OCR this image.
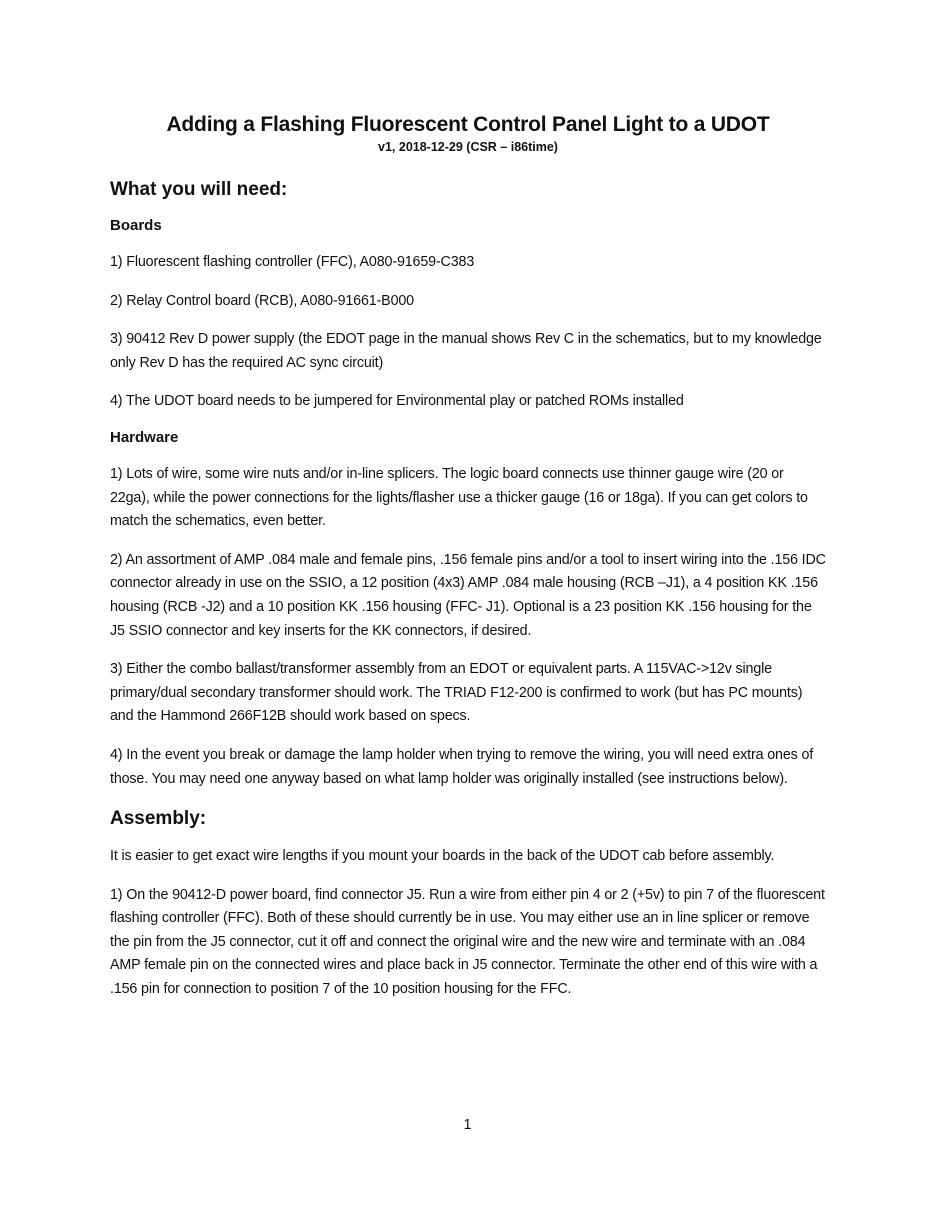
Adding a Flashing Fluorescent Control Panel Light to a UDOT
v1, 2018-12-29 (CSR – i86time)
What you will need:
Boards

1) Fluorescent flashing controller (FFC), A080-91659-C383

2) Relay Control board (RCB), A080-91661-B000

3) 90412 Rev D power supply (the EDOT page in the manual shows Rev C in the schematics, but to my knowledge only Rev D has the required AC sync circuit)

4) The UDOT board needs to be jumpered for Environmental play or patched ROMs installed

Hardware

1) Lots of wire, some wire nuts and/or in-line splicers. The logic board connects use thinner gauge wire (20 or 22ga), while the power connections for the lights/flasher use a thicker gauge (16 or 18ga). If you can get colors to match the schematics, even better.

2) An assortment of AMP .084 male and female pins, .156 female pins and/or a tool to insert wiring into the .156 IDC connector already in use on the SSIO, a 12 position (4x3) AMP .084 male housing (RCB –J1), a 4 position KK .156 housing (RCB -J2) and a 10 position KK .156 housing (FFC- J1). Optional is a 23 position KK .156 housing for the J5 SSIO connector and key inserts for the KK connectors, if desired.

3) Either the combo ballast/transformer assembly from an EDOT or equivalent parts. A 115VAC->12v single primary/dual secondary transformer should work. The TRIAD F12-200 is confirmed to work (but has PC mounts) and the Hammond 266F12B should work based on specs.

4) In the event you break or damage the lamp holder when trying to remove the wiring, you will need extra ones of those. You may need one anyway based on what lamp holder was originally installed (see instructions below).

Assembly:

It is easier to get exact wire lengths if you mount your boards in the back of the UDOT cab before assembly.

1) On the 90412-D power board, find connector J5. Run a wire from either pin 4 or 2 (+5v) to pin 7 of the fluorescent flashing controller (FFC). Both of these should currently be in use. You may either use an in line splicer or remove the pin from the J5 connector, cut it off and connect the original wire and the new wire and terminate with an .084 AMP female pin on the connected wires and place back in J5 connector. Terminate the other end of this wire with a .156 pin for connection to position 7 of the 10 position housing for the FFC.

1
